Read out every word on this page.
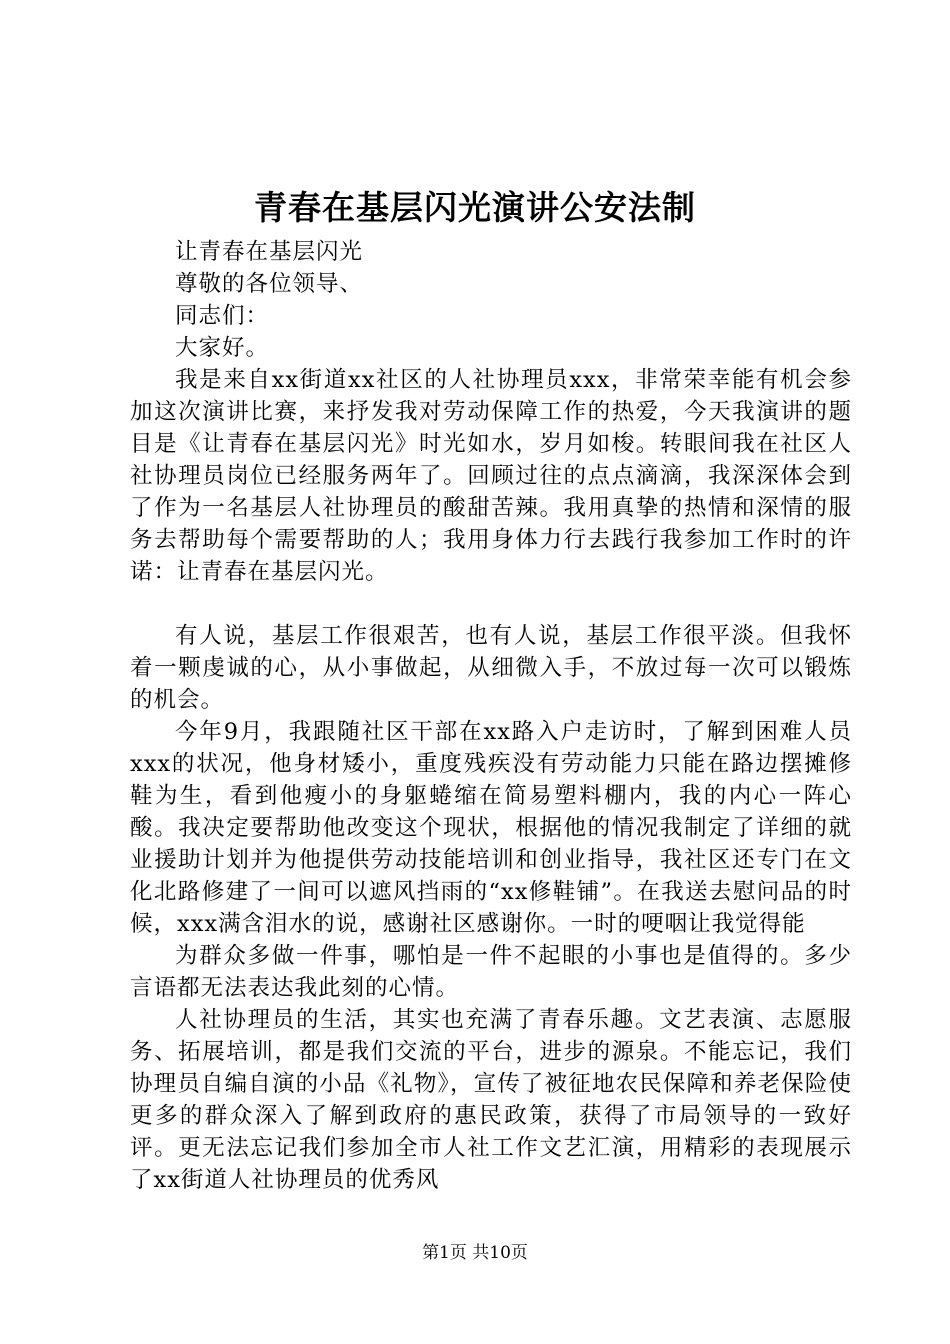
青春在基层闪光演讲公安法制

让青春在基层闪光

尊敬的各位领导、

同志们：

大家好。

我是来自xx街道xx社区的人社协理员xxx，非常荣幸能有机会参加这次演讲比赛，来抒发我对劳动保障工作的热爱，今天我演讲的题目是《让青春在基层闪光》时光如水，岁月如梭。转眼间我在社区人社协理员岗位已经服务两年了。回顾过往的点点滴滴，我深深体会到了作为一名基层人社协理员的酸甜苦辣。我用真挚的热情和深情的服务去帮助每个需要帮助的人；我用身体力行去践行我参加工作时的许诺：让青春在基层闪光。

有人说，基层工作很艰苦，也有人说，基层工作很平淡。但我怀着一颗虔诚的心，从小事做起，从细微入手，不放过每一次可以锻炼的机会。

今年9月，我跟随社区干部在xx路入户走访时，了解到困难人员xxx的状况，他身材矮小，重度残疾没有劳动能力只能在路边摆摊修鞋为生，看到他瘦小的身躯蜷缩在简易塑料棚内，我的内心一阵心酸。我决定要帮助他改变这个现状，根据他的情况我制定了详细的就业援助计划并为他提供劳动技能培训和创业指导，我社区还专门在文化北路修建了一间可以遮风挡雨的“xx修鞋铺”。在我送去慰问品的时候，xxx满含泪水的说，感谢社区感谢你。一时的哽咽让我觉得能

为群众多做一件事，哪怕是一件不起眼的小事也是值得的。多少言语都无法表达我此刻的心情。

人社协理员的生活，其实也充满了青春乐趣。文艺表演、志愿服务、拓展培训，都是我们交流的平台，进步的源泉。不能忘记，我们协理员自编自演的小品《礼物》，宣传了被征地农民保障和养老保险使更多的群众深入了解到政府的惠民政策，获得了市局领导的一致好评。更无法忘记我们参加全市人社工作文艺汇演，用精彩的表现展示了xx街道人社协理员的优秀风

第1页 共10页
